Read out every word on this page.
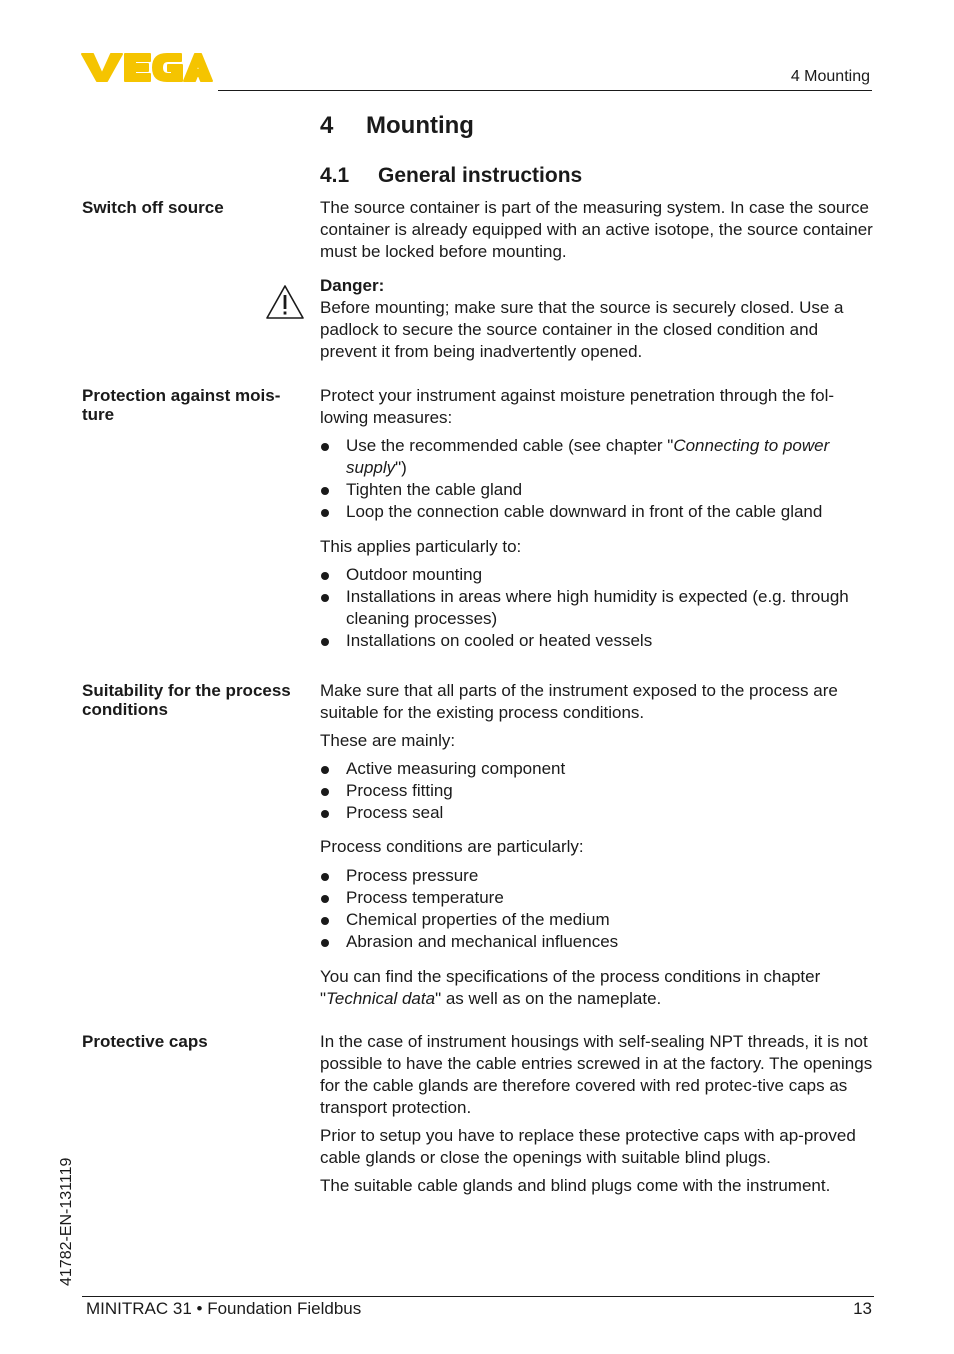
4 Mounting
4 Mounting
4.1 General instructions
Switch off source	The source container is part of the measuring system. In case the source container is already equipped with an active isotope, the source container must be locked before mounting.

Danger:

Before mounting; make sure that the source is securely closed. Use a padlock to secure the source container in the closed condition and prevent it from being inadvertently opened.

Protection against mois-
ture

Protect your instrument against moisture penetration through the fol-lowing measures:

Use the recommended cable (see chapter "Connecting to power supply")
Tighten the cable gland
Loop the connection cable downward in front of the cable gland

This applies particularly to:

Outdoor mounting
Installations in areas where high humidity is expected (e.g. through cleaning processes)
Installations on cooled or heated vessels
Suitability for the process
conditions

Make sure that all parts of the instrument exposed to the process are suitable for the existing process conditions.

These are mainly:

Active measuring component
Process fitting
Process seal

Process conditions are particularly:

Process pressure
Process temperature
Chemical properties of the medium
Abrasion and mechanical influences

You can find the specifications of the process conditions in chapter "Technical data" as well as on the nameplate.

Protective caps	In the case of instrument housings with self-sealing NPT threads, it is not possible to have the cable entries screwed in at the factory. The openings for the cable glands are therefore covered with red protec-tive caps as transport protection.

Prior to setup you have to replace these protective caps with ap-proved cable glands or close the openings with suitable blind plugs.

The suitable cable glands and blind plugs come with the instrument.

41782-EN-131119
MINITRAC 31 • Foundation Fieldbus	13
